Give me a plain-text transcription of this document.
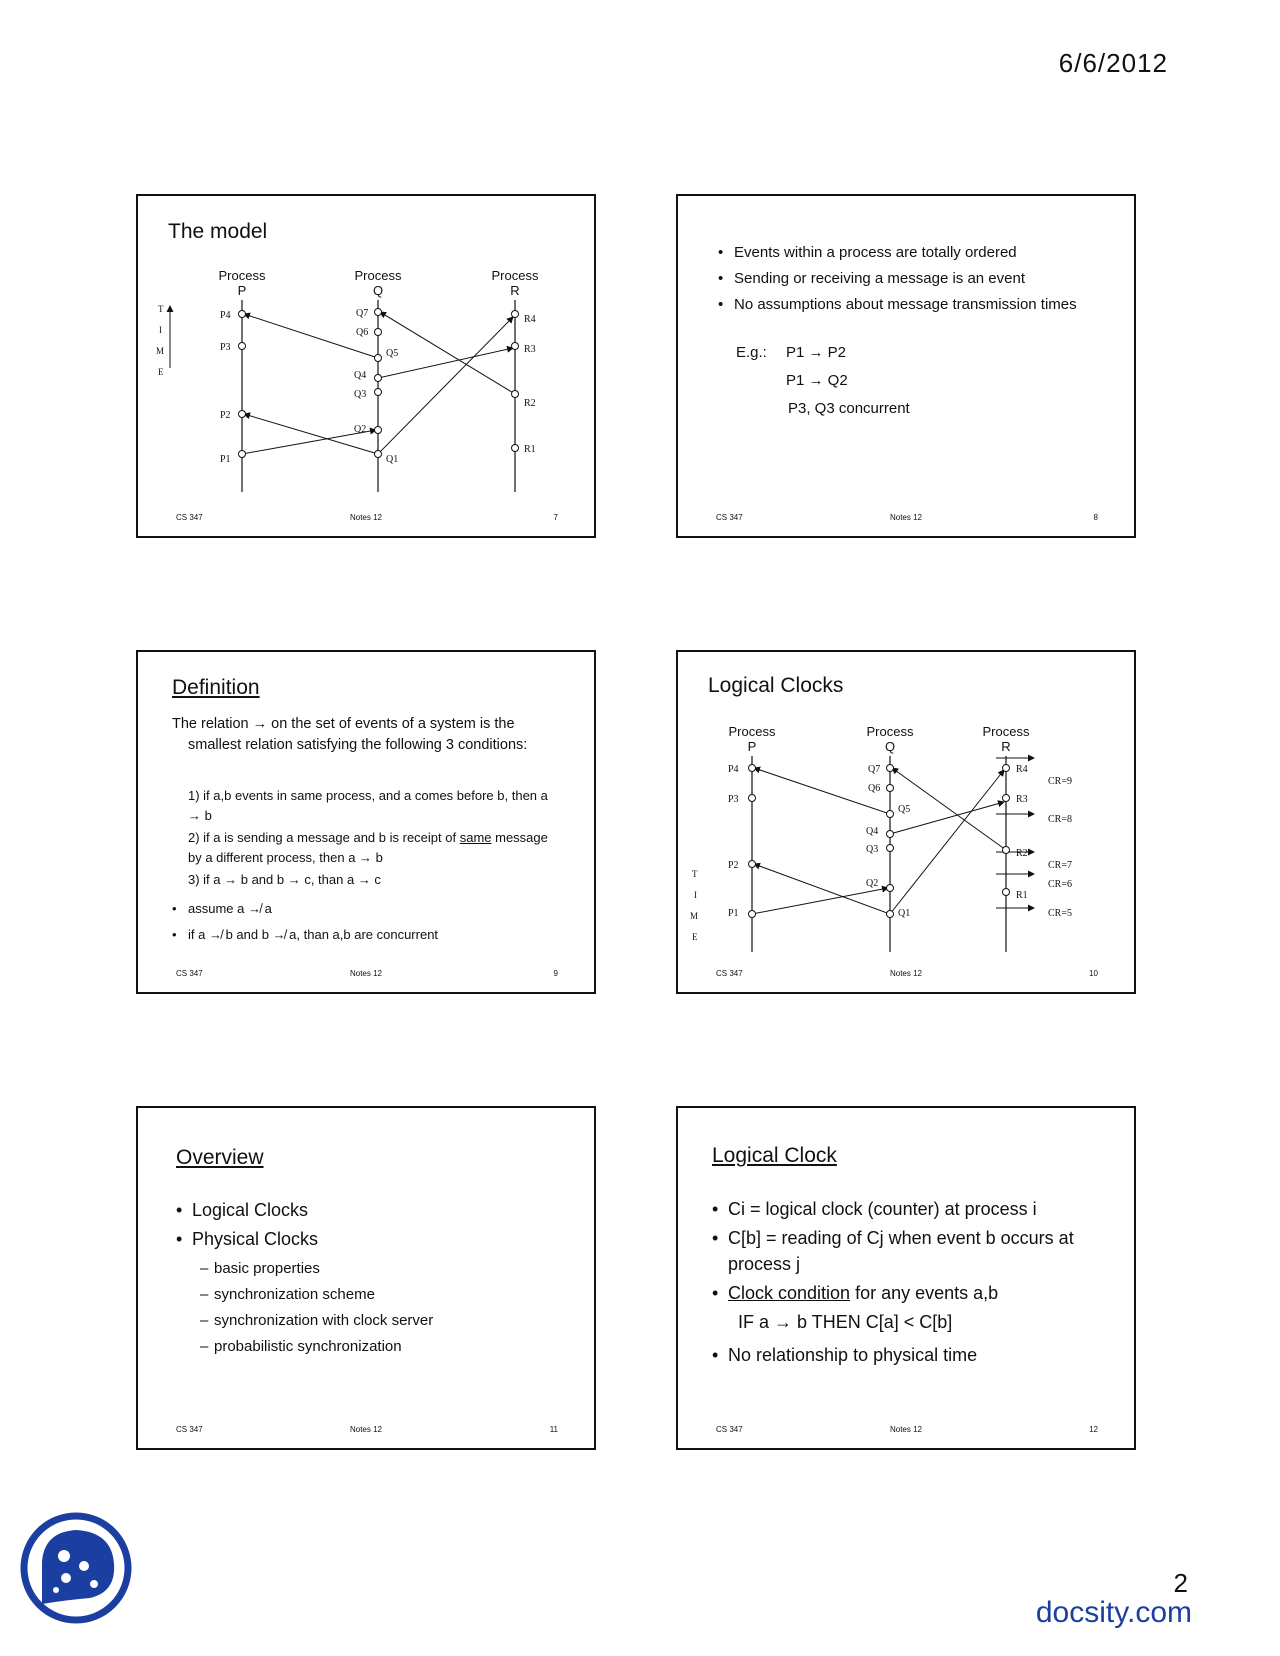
6/6/2012
The model
Process
P
Process
Q
Process
R
T
I
M
E
P4
P3
P2
P1
Q7
Q6
Q5
Q4
Q3
Q2
Q1
R4
R3
R2
R1
CS 347	Notes 12	7
• Events within a process are totally ordered
• Sending or receiving a message is an event
• No assumptions about message transmission times
E.g.: P1 → P2
P1 → Q2
P3, Q3 concurrent
CS 347	Notes 12	8
Definition
The relation → on the set of events of a system is the smallest relation satisfying the following 3 conditions:
1) if a,b events in same process, and a comes before b, then a → b
2) if a is sending a message and b is receipt of same message by a different process, then a → b
3) if a → b and b → c, than a → c
• assume a ↛ a
• if a ↛ b and b ↛ a, than a,b are concurrent
CS 347	Notes 12	9
Logical Clocks
Process
P
Process
Q
Process
R
T
I
M
E
P4
P3
P2
P1
Q7
Q6
Q5
Q4
Q3
Q2
Q1
R4
R3
R2
R1
CR=9
CR=8
CR=7
CR=6
CR=5
CS 347	Notes 12	10
Overview
• Logical Clocks
• Physical Clocks
– basic properties
– synchronization scheme
– synchronization with clock server
– probabilistic synchronization
CS 347	Notes 12	11
Logical Clock
• Ci = logical clock (counter) at process i
• C[b] = reading of Cj when event b occurs at process j
• Clock condition for any events a,b
IF a → b THEN C[a] < C[b]
• No relationship to physical time
CS 347	Notes 12	12
2
docsity.com
